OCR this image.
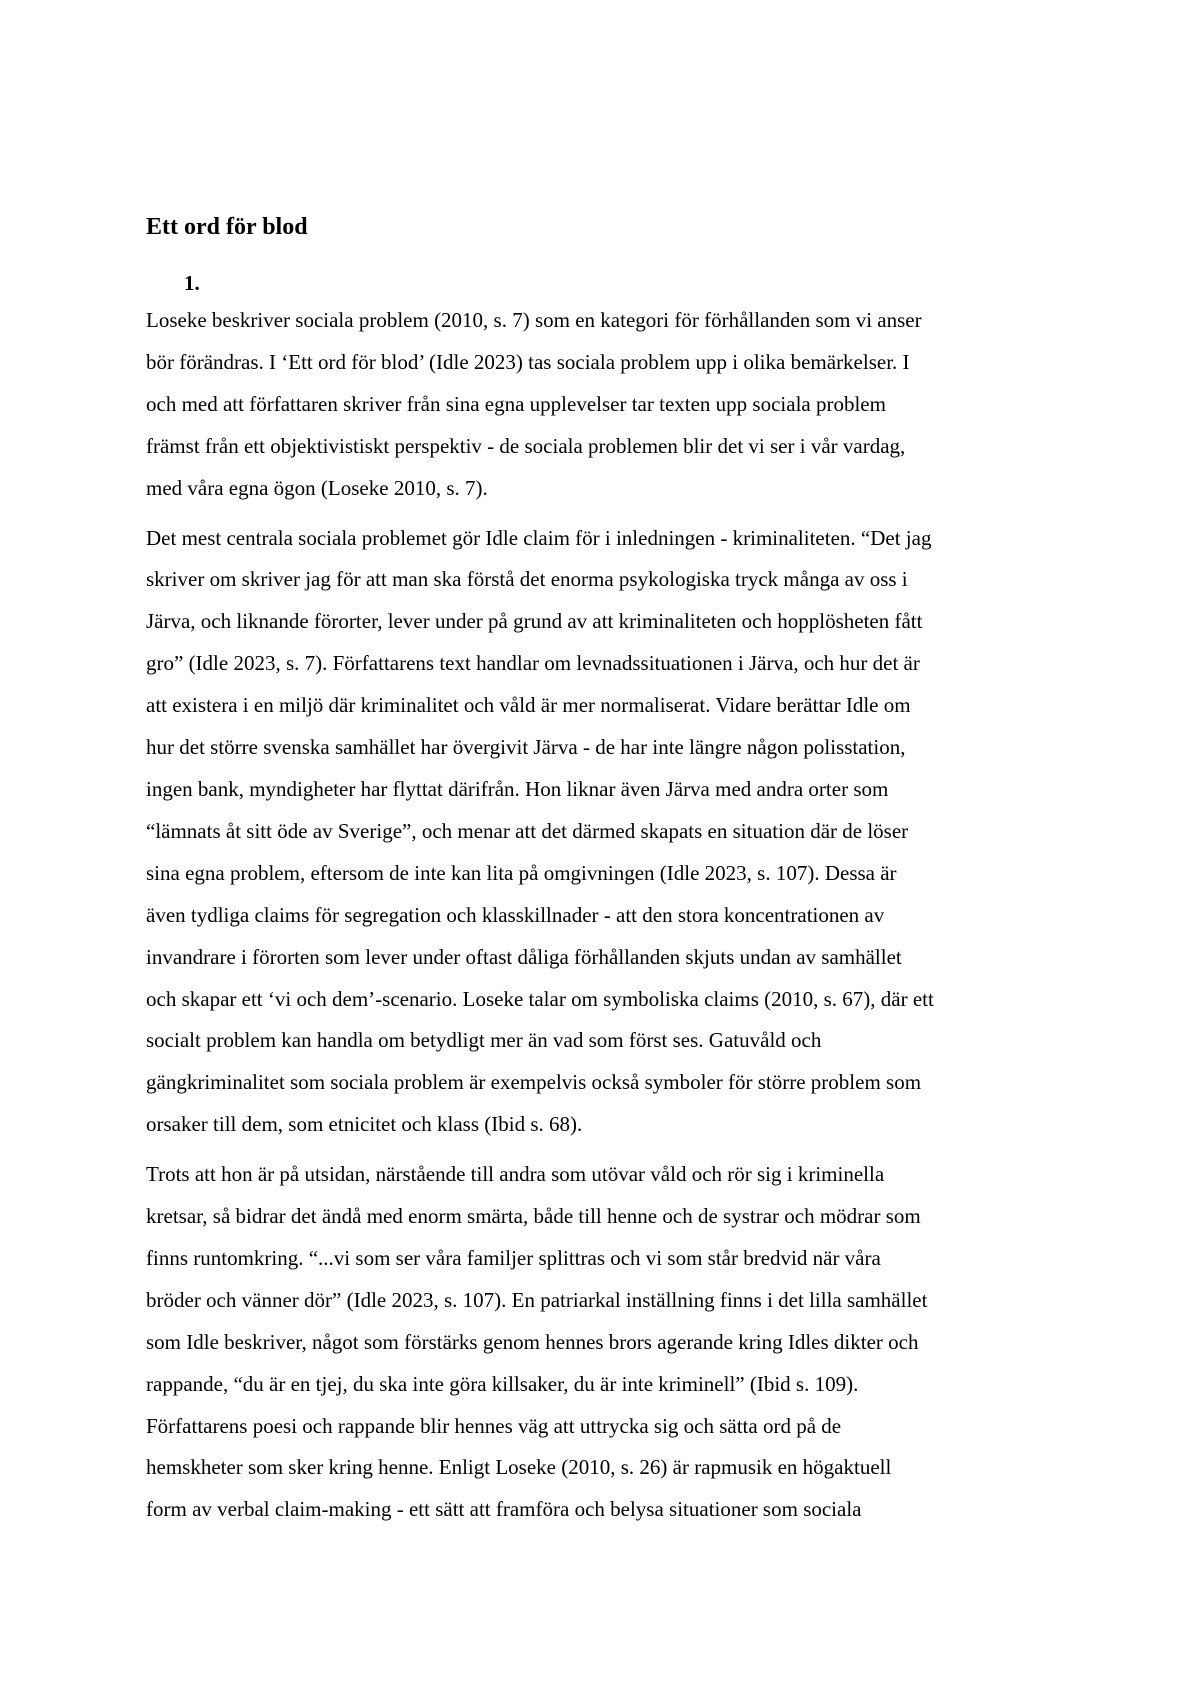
Ett ord för blod
1.

Loseke beskriver sociala problem (2010, s. 7) som en kategori för förhållanden som vi anser
bör förändras. I ‘Ett ord för blod’ (Idle 2023) tas sociala problem upp i olika bemärkelser. I
och med att författaren skriver från sina egna upplevelser tar texten upp sociala problem
främst från ett objektivistiskt perspektiv - de sociala problemen blir det vi ser i vår vardag,
med våra egna ögon (Loseke 2010, s. 7).

Det mest centrala sociala problemet gör Idle claim för i inledningen - kriminaliteten. “Det jag
skriver om skriver jag för att man ska förstå det enorma psykologiska tryck många av oss i
Järva, och liknande förorter, lever under på grund av att kriminaliteten och hopplösheten fått
gro” (Idle 2023, s. 7). Författarens text handlar om levnadssituationen i Järva, och hur det är
att existera i en miljö där kriminalitet och våld är mer normaliserat. Vidare berättar Idle om
hur det större svenska samhället har övergivit Järva - de har inte längre någon polisstation,
ingen bank, myndigheter har flyttat därifrån. Hon liknar även Järva med andra orter som
“lämnats åt sitt öde av Sverige”, och menar att det därmed skapats en situation där de löser
sina egna problem, eftersom de inte kan lita på omgivningen (Idle 2023, s. 107). Dessa är
även tydliga claims för segregation och klasskillnader - att den stora koncentrationen av
invandrare i förorten som lever under oftast dåliga förhållanden skjuts undan av samhället
och skapar ett ‘vi och dem’-scenario. Loseke talar om symboliska claims (2010, s. 67), där ett
socialt problem kan handla om betydligt mer än vad som först ses. Gatuvåld och
gängkriminalitet som sociala problem är exempelvis också symboler för större problem som
orsaker till dem, som etnicitet och klass (Ibid s. 68).

Trots att hon är på utsidan, närstående till andra som utövar våld och rör sig i kriminella
kretsar, så bidrar det ändå med enorm smärta, både till henne och de systrar och mödrar som
finns runtomkring. “...vi som ser våra familjer splittras och vi som står bredvid när våra
bröder och vänner dör” (Idle 2023, s. 107). En patriarkal inställning finns i det lilla samhället
som Idle beskriver, något som förstärks genom hennes brors agerande kring Idles dikter och
rappande, “du är en tjej, du ska inte göra killsaker, du är inte kriminell” (Ibid s. 109).
Författarens poesi och rappande blir hennes väg att uttrycka sig och sätta ord på de
hemskheter som sker kring henne. Enligt Loseke (2010, s. 26) är rapmusik en högaktuell
form av verbal claim-making - ett sätt att framföra och belysa situationer som sociala
